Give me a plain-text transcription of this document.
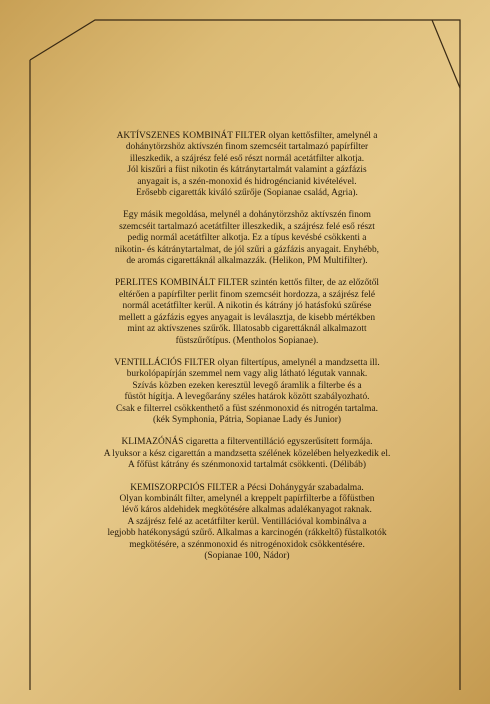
AKTÍVSZENES KOMBINÁT FILTER olyan kettősfilter, amelynél a
dohánytörzshöz aktívszén finom szemcséit tartalmazó papírfilter
illeszkedik, a szájrész felé eső részt normál acetátfilter alkotja.
Jól kiszűri a füst nikotin és kátránytartalmát valamint a gázfázis
anyagait is, a szén-monoxid és hidrogéncianid kivételével.
Erősebb cigaretták kiváló szűrője (Sopianae család, Agria).

Egy másik megoldása, melynél a dohánytörzshöz aktívszén finom
szemcséit tartalmazó acetátfilter illeszkedik, a szájrész felé eső részt
pedig normál acetátfilter alkotja. Ez a típus kevésbé csökkenti a
nikotin- és kátránytartalmat, de jól szűri a gázfázis anyagait. Enyhébb,
de aromás cigarettáknál alkalmazzák. (Helikon, PM Multifilter).

PERLITES KOMBINÁLT FILTER szintén kettős filter, de az előzőtől
eltérően a papírfilter perlit finom szemcséit hordozza, a szájrész felé
normál acetátfilter kerül. A nikotin és kátrány jó hatásfokú szűrése
mellett a gázfázis egyes anyagait is leválasztja, de kisebb mértékben
mint az aktívszenes szűrők. Illatosabb cigarettáknál alkalmazott
füstszűrőtípus. (Mentholos Sopianae).

VENTILLÁCIÓS FILTER olyan filtertípus, amelynél a mandzsetta ill.
burkolópapírján szemmel nem vagy alig látható légutak vannak.
Szívás közben ezeken keresztül levegő áramlik a filterbe és a
füstöt hígítja. A levegőarány széles határok között szabályozható.
Csak e filterrel csökkenthető a füst szénmonoxid és nitrogén tartalma.
(kék Symphonia, Pátria, Sopianae Lady és Junior)

KLIMAZÓNÁS cigaretta a filterventilláció egyszerűsített formája.
A lyuksor a kész cigarettán a mandzsetta szélének közelében helyezkedik el.
A főfüst kátrány és szénmonoxid tartalmát csökkenti. (Délibáb)

KEMISZORPCIÓS FILTER a Pécsi Dohánygyár szabadalma.
Olyan kombinált filter, amelynél a kreppelt papírfilterbe a főfüstben
lévő káros aldehidek megkötésére alkalmas adalékanyagot raknak.
A szájrész felé az acetátfilter kerül. Ventillációval kombinálva a
legjobb hatékonyságú szűrő. Alkalmas a karcinogén (rákkeltő) füstalkotók
megkötésére, a szénmonoxid és nitrogénoxidok csökkentésére.
(Sopianae 100, Nádor)
